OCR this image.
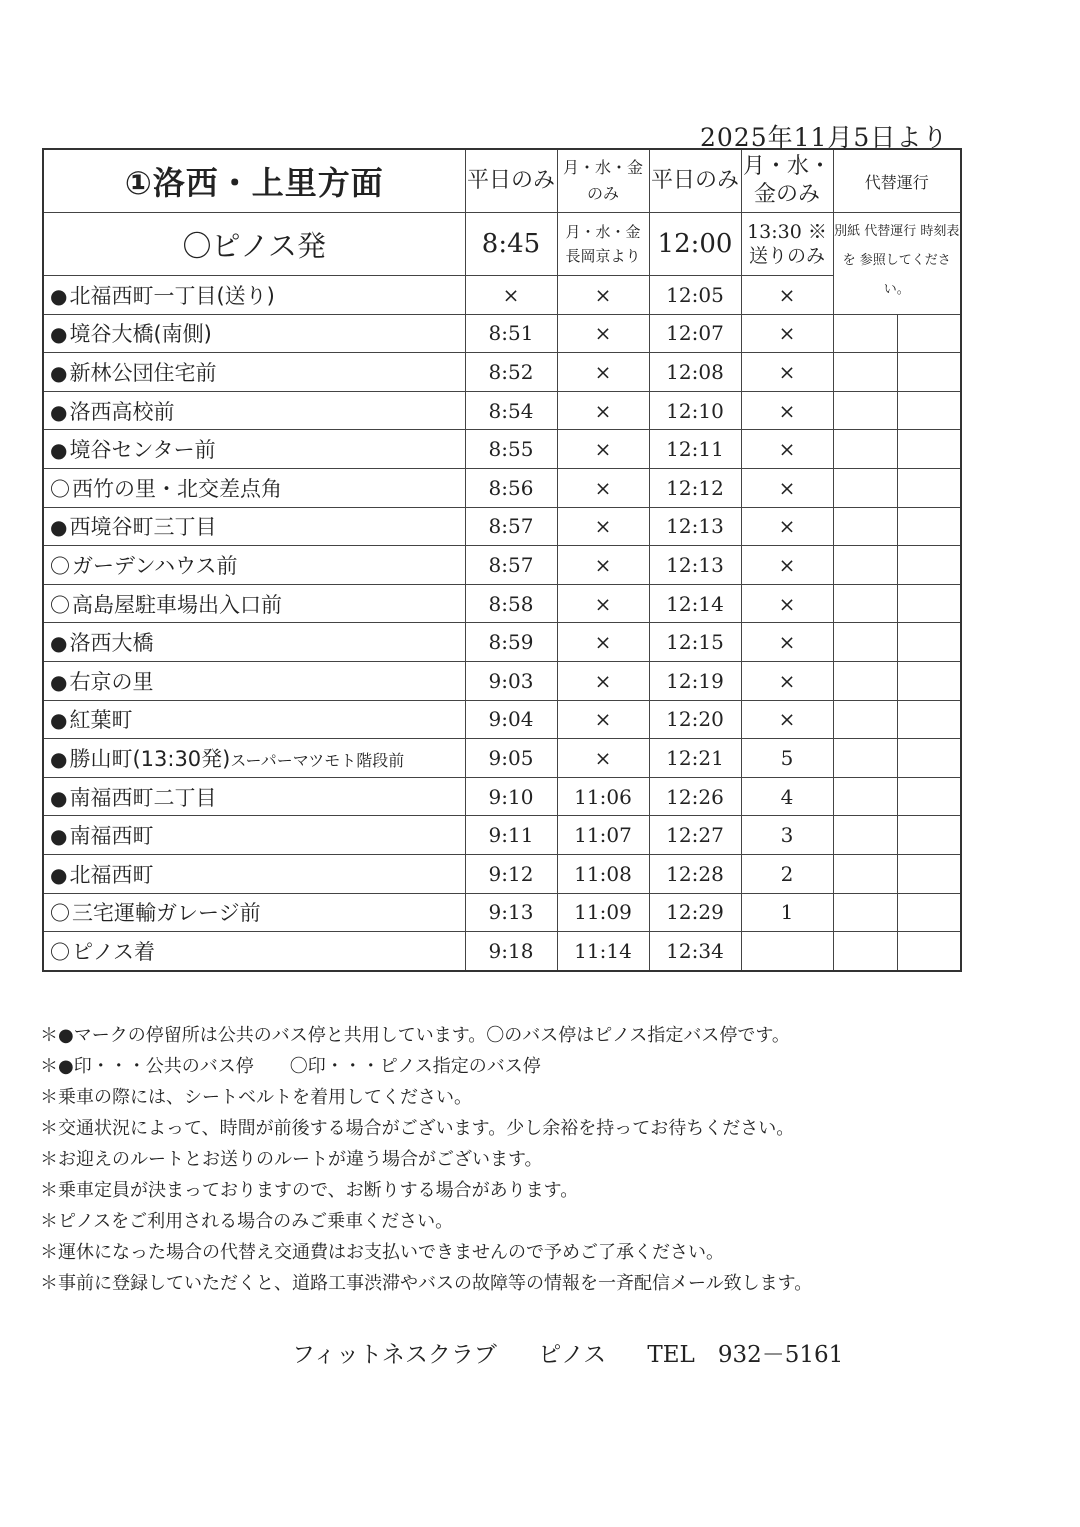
2025年11月5日より
①洛西・上里方面	平日のみ	月・水・金のみ	平日のみ	月・水・金のみ	代替運行	
〇ピノス発	8:45	月・水・金 長岡京より	12:00	13:30 ※送りのみ	別紙 代替運行 時刻表を 参照してください。	
●北福西町一丁目(送り)	×	×	12:05	×		
●境谷大橋(南側)	8:51	×	12:07	×		
●新林公団住宅前	8:52	×	12:08	×		
●洛西高校前	8:54	×	12:10	×		
●境谷センター前	8:55	×	12:11	×		
〇西竹の里・北交差点角	8:56	×	12:12	×		
●西境谷町三丁目	8:57	×	12:13	×		
〇ガーデンハウス前	8:57	×	12:13	×		
〇高島屋駐車場出入口前	8:58	×	12:14	×		
●洛西大橋	8:59	×	12:15	×		
●右京の里	9:03	×	12:19	×		
●紅葉町	9:04	×	12:20	×		
●勝山町(13:30発)スーパーマツモト階段前	9:05	×	12:21	5		
●南福西町二丁目	9:10	11:06	12:26	4		
●南福西町	9:11	11:07	12:27	3		
●北福西町	9:12	11:08	12:28	2		
〇三宅運輸ガレージ前	9:13	11:09	12:29	1		
〇ピノス着	9:18	11:14	12:34			
＊●マークの停留所は公共のバス停と共用しています。〇のバス停はピノス指定バス停です。
＊●印・・・公共のバス停　　〇印・・・ピノス指定のバス停
＊乗車の際には、シートベルトを着用してください。
＊交通状況によって、時間が前後する場合がございます。少し余裕を持ってお待ちください。
＊お迎えのルートとお送りのルートが違う場合がございます。
＊乗車定員が決まっておりますので、お断りする場合があります。
＊ピノスをご利用される場合のみご乗車ください。
＊運休になった場合の代替え交通費はお支払いできませんので予めご了承ください。
＊事前に登録していただくと、道路工事渋滞やバスの故障等の情報を一斉配信メール致します。
フィットネスクラブ ピノス TEL　932－5161
